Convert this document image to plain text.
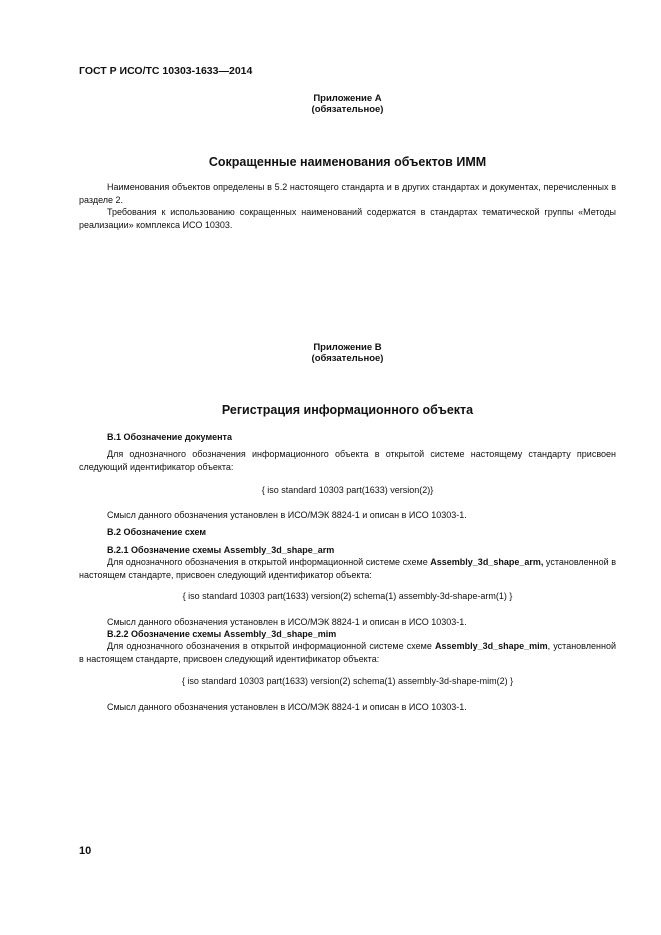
ГОСТ Р ИСО/ТС 10303-1633—2014
Приложение A
(обязательное)
Сокращенные наименования объектов ИММ
Наименования объектов определены в 5.2 настоящего стандарта и в других стандартах и документах, перечисленных в разделе 2.
Требования к использованию сокращенных наименований содержатся в стандартах тематической группы «Методы реализации» комплекса ИСО 10303.
Приложение B
(обязательное)
Регистрация информационного объекта
B.1 Обозначение документа
Для однозначного обозначения информационного объекта в открытой системе настоящему стандарту присвоен следующий идентификатор объекта:
{ iso standard 10303 part(1633) version(2)}
Смысл данного обозначения установлен в ИСО/МЭК 8824-1 и описан в ИСО 10303-1.
B.2 Обозначение схем
B.2.1 Обозначение схемы Assembly_3d_shape_arm
Для однозначного обозначения в открытой информационной системе схеме Assembly_3d_shape_arm, установленной в настоящем стандарте, присвоен следующий идентификатор объекта:
{ iso standard 10303 part(1633) version(2) schema(1) assembly-3d-shape-arm(1) }
Смысл данного обозначения установлен в ИСО/МЭК 8824-1 и описан в ИСО 10303-1.
B.2.2 Обозначение схемы Assembly_3d_shape_mim
Для однозначного обозначения в открытой информационной системе схеме Assembly_3d_shape_mim, установленной в настоящем стандарте, присвоен следующий идентификатор объекта:
{ iso standard 10303 part(1633) version(2) schema(1) assembly-3d-shape-mim(2) }
Смысл данного обозначения установлен в ИСО/МЭК 8824-1 и описан в ИСО 10303-1.
10
